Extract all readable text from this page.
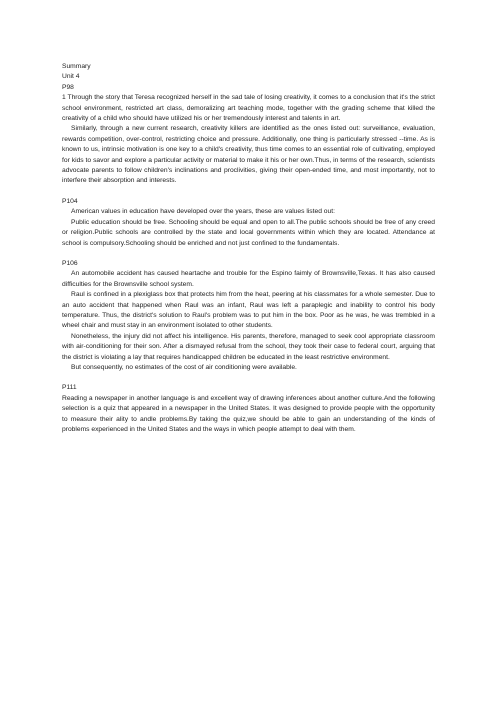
Summary
Unit 4
P98

1 Through the story that Teresa recognized herself in the sad tale of losing creativity, it comes to a conclusion that it's the strict school environment, restricted art class, demoralizing art teaching mode, together with the grading scheme that killed the creativity of a child who should have utilized his or her tremendously interest and talents in art.

Similarly, through a new current research, creativity killers are identified as the ones listed out: surveillance, evaluation, rewards competition, over-control, restricting choice and pressure. Additionally, one thing is particularly stressed --time. As is known to us, intrinsic motivation is one key to a child's creativity, thus time comes to an essential role of cultivating, employed for kids to savor and explore a particular activity or material to make it his or her own.Thus, in terms of the research, scientists advocate parents to follow children's inclinations and proclivities, giving their open-ended time, and most importantly, not to interfere their absorption and interests.

P104

American values in education have developed over the years, these are values listed out:

Public education should be free. Schooling should be equal and open to all.The public schools should be free of any creed or religion.Public schools are controlled by the state and local governments within which they are located. Attendance at school is compulsory.Schooling should be enriched and not just confined to the fundamentals.

P106

An automobile accident has caused heartache and trouble for the Espino faimly of Brownsville,Texas. It has also caused difficulties for the Brownsville school system.

Raul is confined in a plexiglass box that protects him from the heat, peering at his classmates for a whole semester. Due to an auto accident that happened when Raul was an infant, Raul was left a paraplegic and inability to control his body temperature. Thus, the district's solution to Raul's problem was to put him in the box. Poor as he was, he was trembled in a wheel chair and must stay in an environment isolated to other students.

Nonetheless, the injury did not affect his intelligence. His parents, therefore, managed to seek cool appropriate classroom with air-conditioning for their son. After a dismayed refusal from the school, they took their case to federal court, arguing that the district is violating a lay that requires handicapped children be educated in the least restrictive environment.

But consequently, no estimates of the cost of air conditioning were available.

P111

Reading a newspaper in another language is and excellent way of drawing inferences about another culture.And the following selection is a quiz that appeared in a newspaper in the United States. It was designed to provide people with the opportunity to measure their ality to andle problems.By taking the quiz,we should be able to gain an understanding of the kinds of problems experienced in the United States and the ways in which people attempt to deal with them.
